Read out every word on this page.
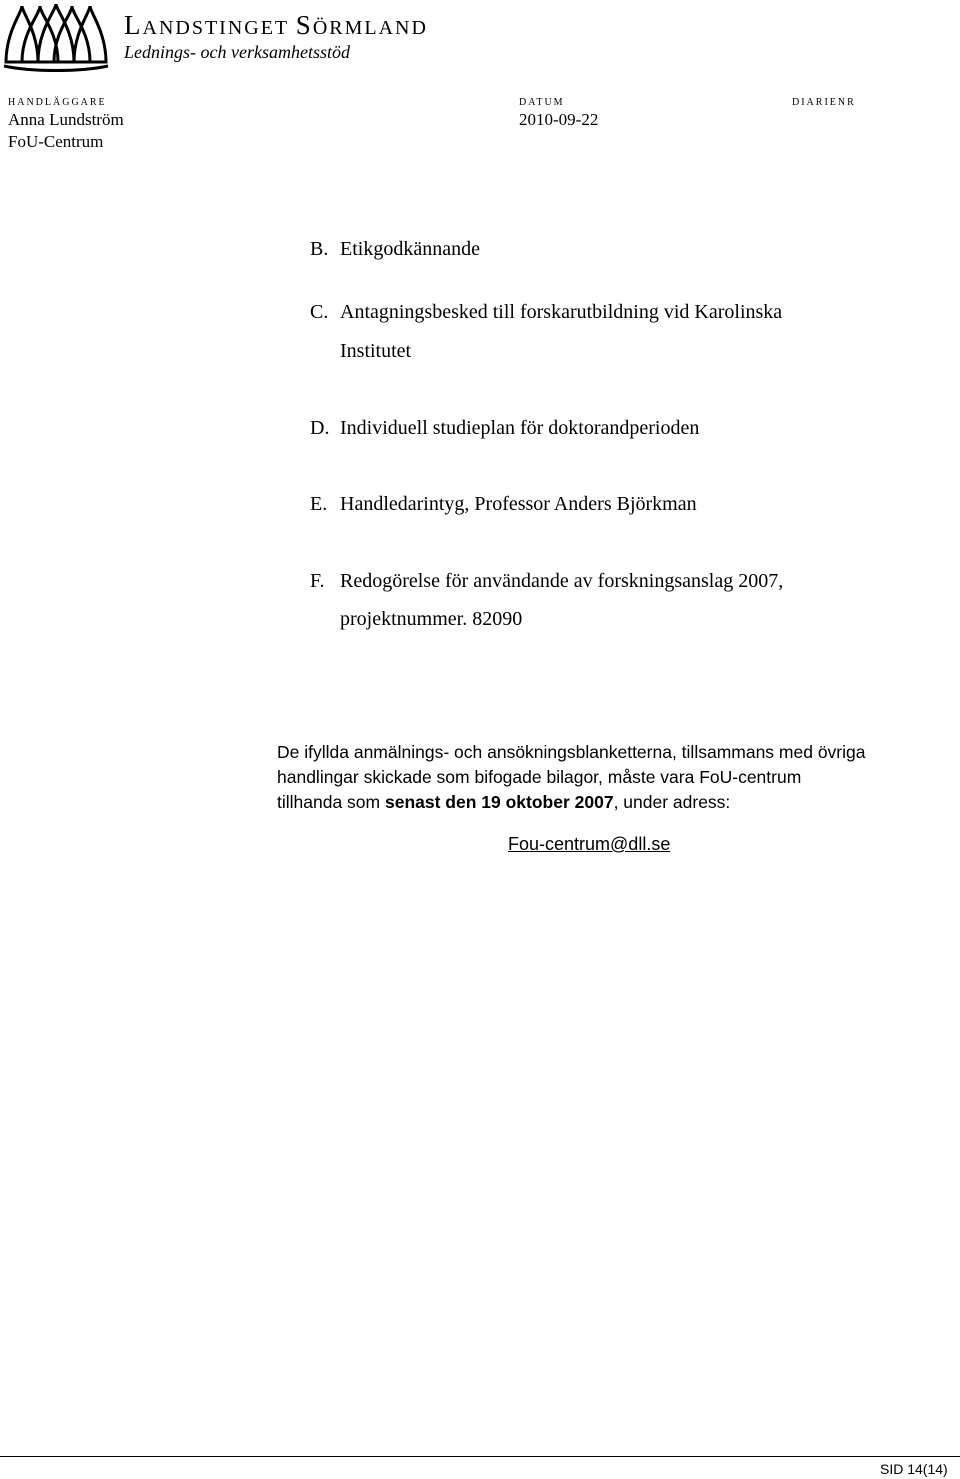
LANDSTINGET SÖRMLAND
Lednings- och verksamhetsstöd
HANDLÄGGARE	DATUM	DIARIENR
Anna Lundström
FoU-Centrum
2010-09-22
B. Etikgodkännande
C. Antagningsbesked till forskarutbildning vid Karolinska
Institutet
D. Individuell studieplan för doktorandperioden
E. Handledarintyg, Professor Anders Björkman
F. Redogörelse för användande av forskningsanslag 2007,
projektnummer. 82090
De ifyllda anmälnings- och ansökningsblanketterna, tillsammans med övriga
handlingar skickade som bifogade bilagor, måste vara FoU-centrum
tillhanda som senast den 19 oktober 2007, under adress:
Fou-centrum@dll.se
SID 14(14)
